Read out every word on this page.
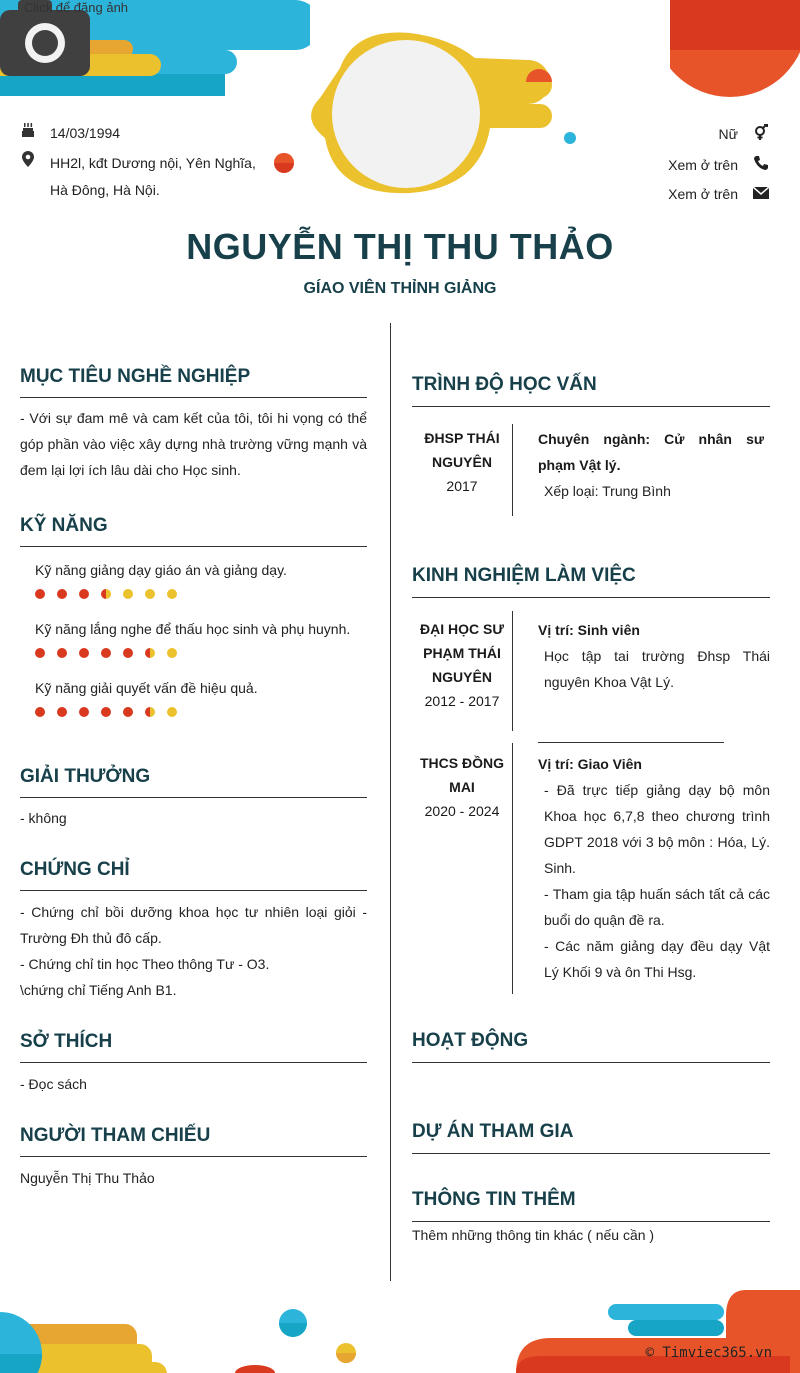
Click để đăng ảnh
14/03/1994
HH2l, kđt Dương nội, Yên Nghĩa, Hà Đông, Hà Nội.
Nữ
Xem ở trên
Xem ở trên
NGUYỄN THỊ THU THẢO
GÍAO VIÊN THỈNH GIẢNG
MỤC TIÊU NGHỀ NGHIỆP
- Với sự đam mê và cam kết của tôi, tôi hi vọng có thể góp phần vào việc xây dựng nhà trường vững mạnh và đem lại lợi ích lâu dài cho Học sinh.
KỸ NĂNG
Kỹ năng giảng dạy giáo án và giảng dạy.
Kỹ năng lắng nghe để thấu học sinh và phụ huynh.
Kỹ năng giải quyết vấn đề hiệu quả.
GIẢI THƯỞNG
- không
CHỨNG CHỈ
- Chứng chỉ bồi dưỡng khoa học tư nhiên loại giỏi - Trường Đh thủ đô cấp.
- Chứng chỉ tin học Theo thông Tư - O3.
\chứng chỉ Tiếng Anh B1.
SỞ THÍCH
- Đọc sách
NGƯỜI THAM CHIẾU
Nguyễn Thị Thu Thảo
TRÌNH ĐỘ HỌC VẤN
ĐHSP THÁI NGUYÊN
2017
Chuyên ngành: Cử nhân sư phạm Vật lý.
Xếp loại: Trung Bình
KINH NGHIỆM LÀM VIỆC
ĐẠI HỌC SƯ PHẠM THÁI NGUYÊN
2012 - 2017
Vị trí: Sinh viên
Học tập tai trường Đhsp Thái nguyên Khoa Vật Lý.
THCS ĐỒNG MAI
2020 - 2024
Vị trí: Giao Viên
- Đã trực tiếp giảng dạy bộ môn Khoa học 6,7,8 theo chương trình GDPT 2018 với 3 bộ môn : Hóa, Lý. Sinh.
- Tham gia tập huấn sách tất cả các buổi do quận đề ra.
- Các năm giảng dạy đều dạy Vật Lý Khối 9 và ôn Thi Hsg.
HOẠT ĐỘNG
DỰ ÁN THAM GIA
THÔNG TIN THÊM
Thêm những thông tin khác ( nếu cần )
© Timviec365.vn
